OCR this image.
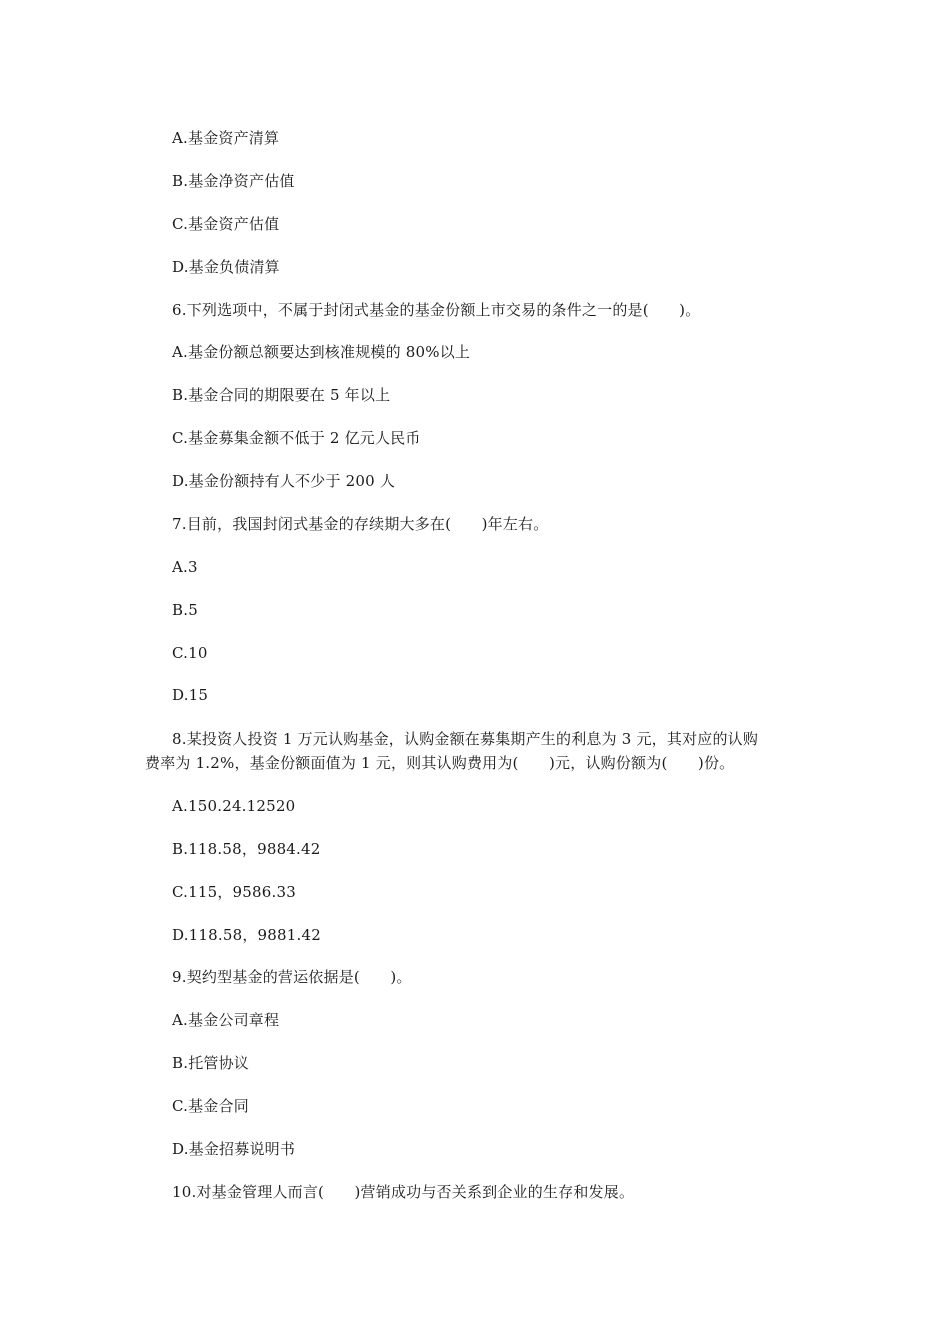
A.基金资产清算
B.基金净资产估值
C.基金资产估值
D.基金负债清算
6.下列选项中，不属于封闭式基金的基金份额上市交易的条件之一的是(　　)。
A.基金份额总额要达到核准规模的 80%以上
B.基金合同的期限要在 5 年以上
C.基金募集金额不低于 2 亿元人民币
D.基金份额持有人不少于 200 人
7.目前，我国封闭式基金的存续期大多在(　　)年左右。
A.3
B.5
C.10
D.15
8.某投资人投资 1 万元认购基金，认购金额在募集期产生的利息为 3 元，其对应的认购
费率为 1.2%，基金份额面值为 1 元，则其认购费用为(　　)元，认购份额为(　　)份。
A.150.24.12520
B.118.58，9884.42
C.115，9586.33
D.118.58，9881.42
9.契约型基金的营运依据是(　　)。
A.基金公司章程
B.托管协议
C.基金合同
D.基金招募说明书
10.对基金管理人而言(　　)营销成功与否关系到企业的生存和发展。
